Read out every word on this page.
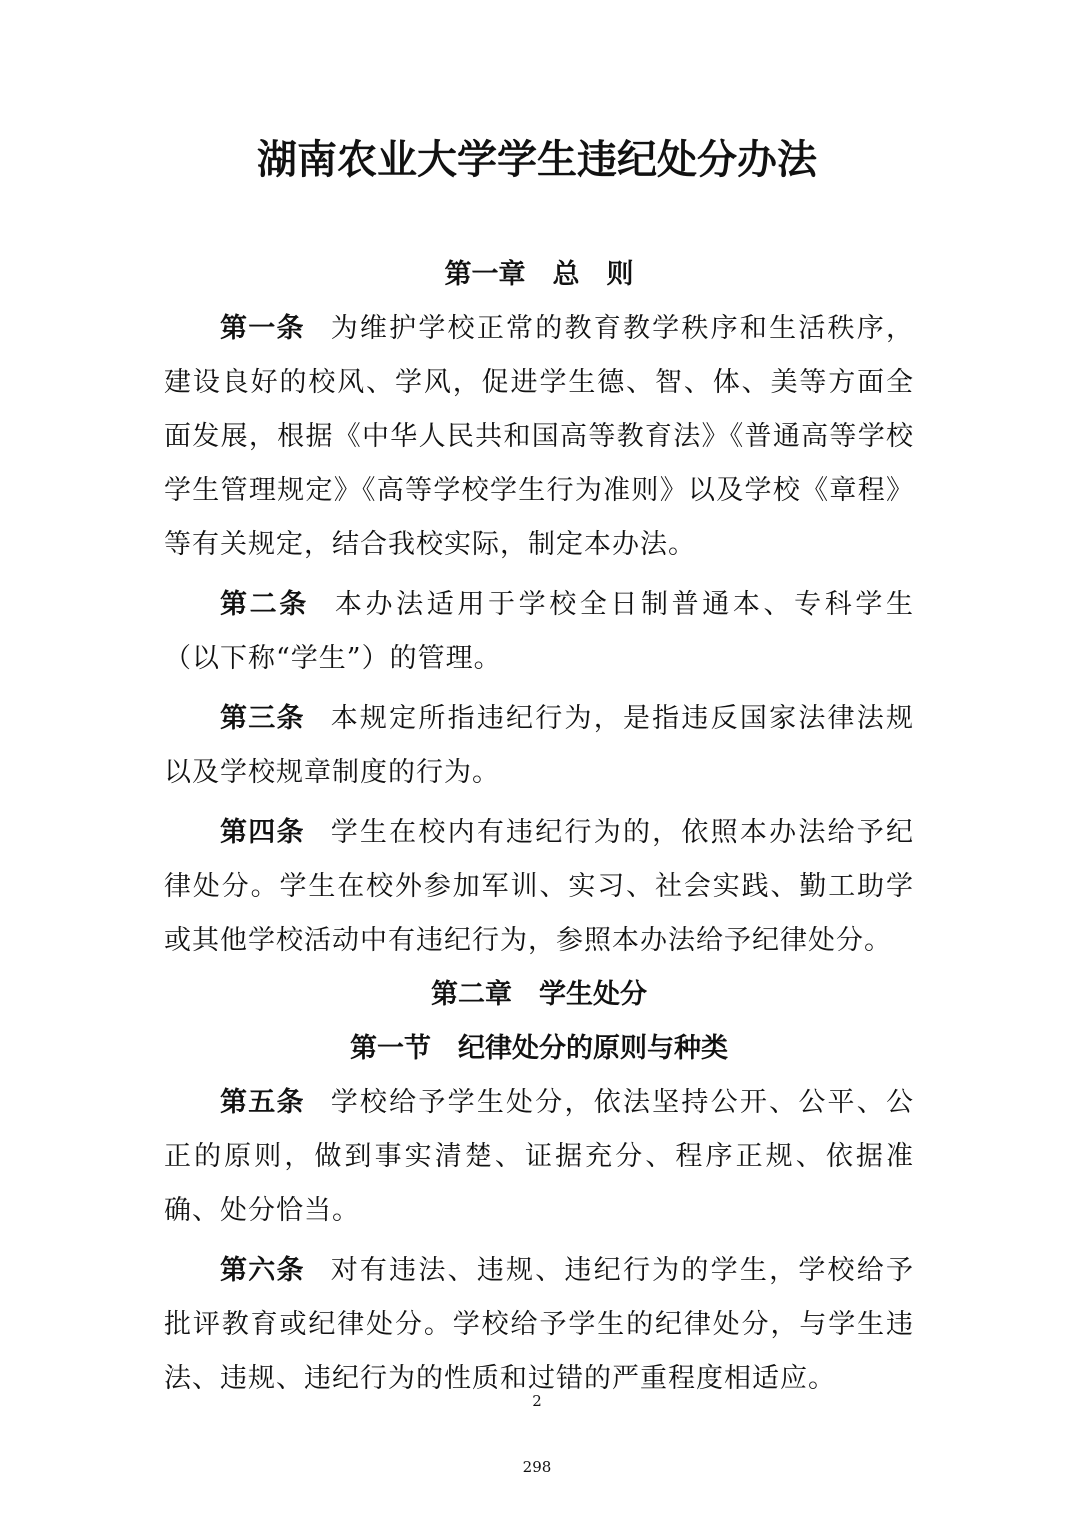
湖南农业大学学生违纪处分办法
第一章　总　则

第一条 为维护学校正常的教育教学秩序和生活秩序，建设良好的校风、学风，促进学生德、智、体、美等方面全面发展，根据《中华人民共和国高等教育法》《普通高等学校学生管理规定》《高等学校学生行为准则》以及学校《章程》等有关规定，结合我校实际，制定本办法。

第二条 本办法适用于学校全日制普通本、专科学生（以下称“学生”）的管理。

第三条 本规定所指违纪行为，是指违反国家法律法规以及学校规章制度的行为。

第四条 学生在校内有违纪行为的，依照本办法给予纪律处分。学生在校外参加军训、实习、社会实践、勤工助学或其他学校活动中有违纪行为，参照本办法给予纪律处分。

第二章　学生处分
第一节　纪律处分的原则与种类

第五条 学校给予学生处分，依法坚持公开、公平、公正的原则，做到事实清楚、证据充分、程序正规、依据准确、处分恰当。

第六条 对有违法、违规、违纪行为的学生，学校给予批评教育或纪律处分。学校给予学生的纪律处分，与学生违法、违规、违纪行为的性质和过错的严重程度相适应。

2
298
